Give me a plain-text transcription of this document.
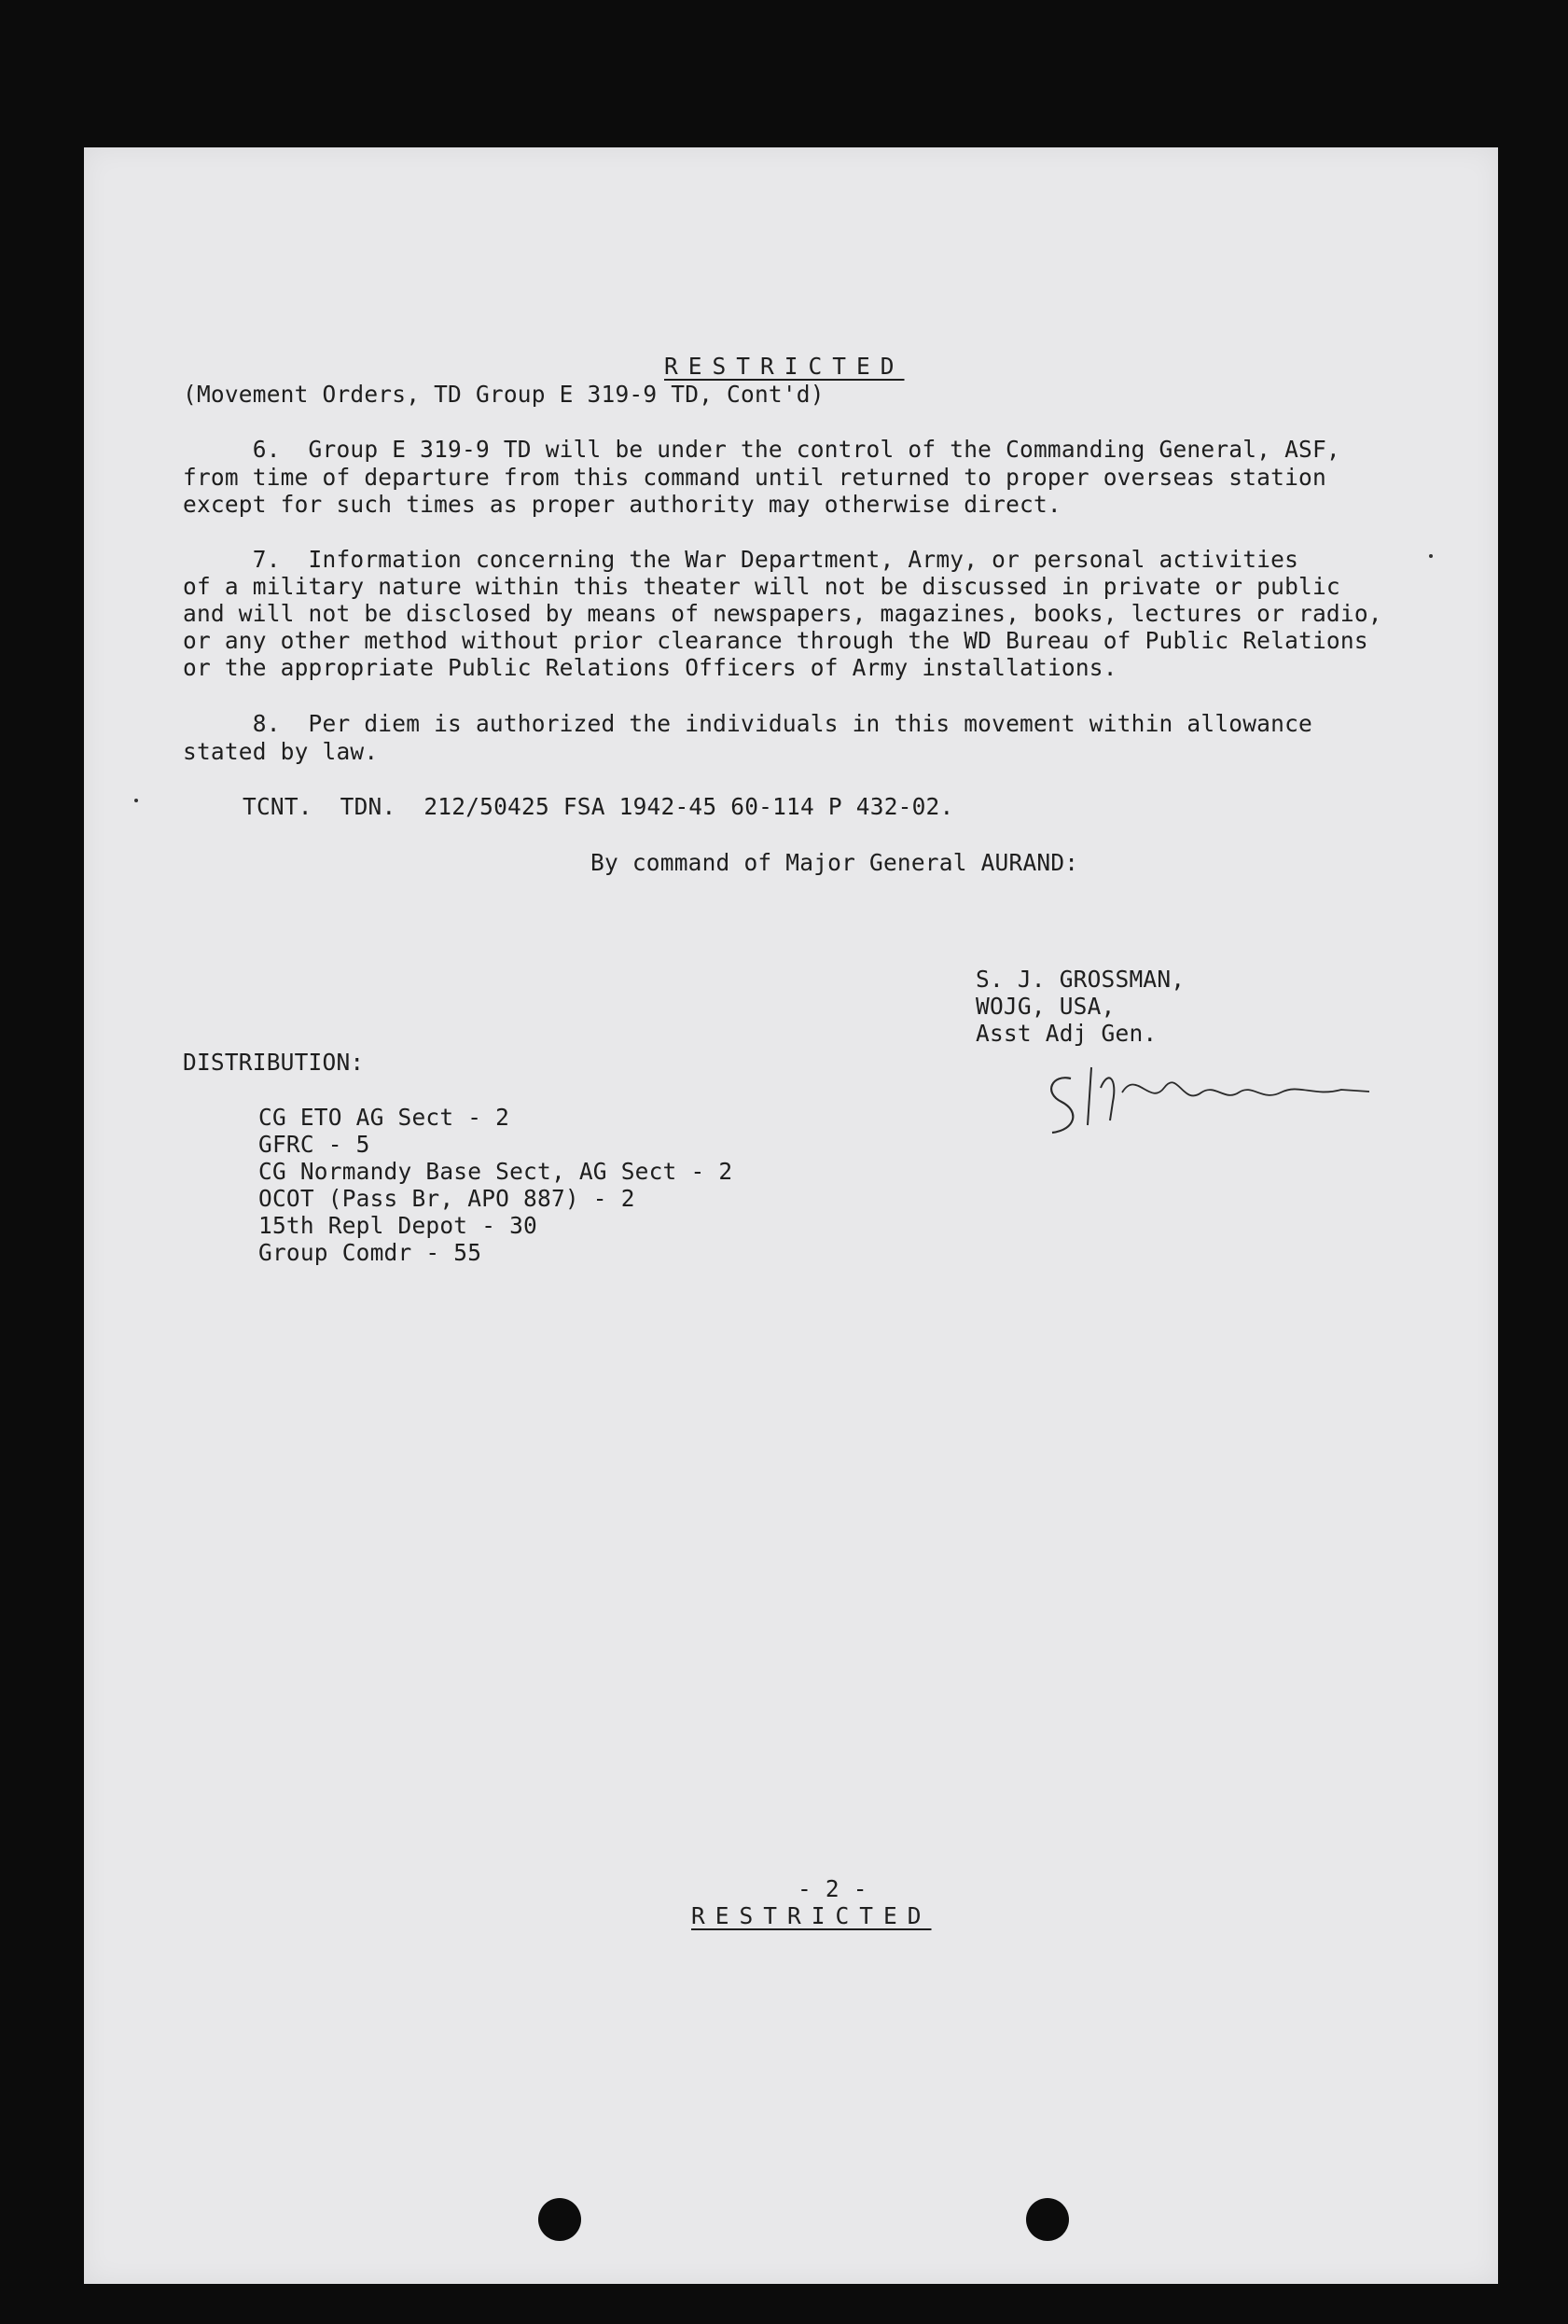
RESTRICTED
(Movement Orders, TD Group E 319-9 TD, Cont'd)
6.  Group E 319-9 TD will be under the control of the Commanding General, ASF,
from time of departure from this command until returned to proper overseas station
except for such times as proper authority may otherwise direct.
7.  Information concerning the War Department, Army, or personal activities
of a military nature within this theater will not be discussed in private or public
and will not be disclosed by means of newspapers, magazines, books, lectures or radio,
or any other method without prior clearance through the WD Bureau of Public Relations
or the appropriate Public Relations Officers of Army installations.
8.  Per diem is authorized the individuals in this movement within allowance
stated by law.
TCNT.  TDN.  212/50425 FSA 1942-45 60-114 P 432-02.
By command of Major General AURAND:
S. J. GROSSMAN,
WOJG, USA,
Asst Adj Gen.
DISTRIBUTION:
CG ETO AG Sect - 2
GFRC - 5
CG Normandy Base Sect, AG Sect - 2
OCOT (Pass Br, APO 887) - 2
15th Repl Depot - 30
Group Comdr - 55
- 2 -
RESTRICTED
